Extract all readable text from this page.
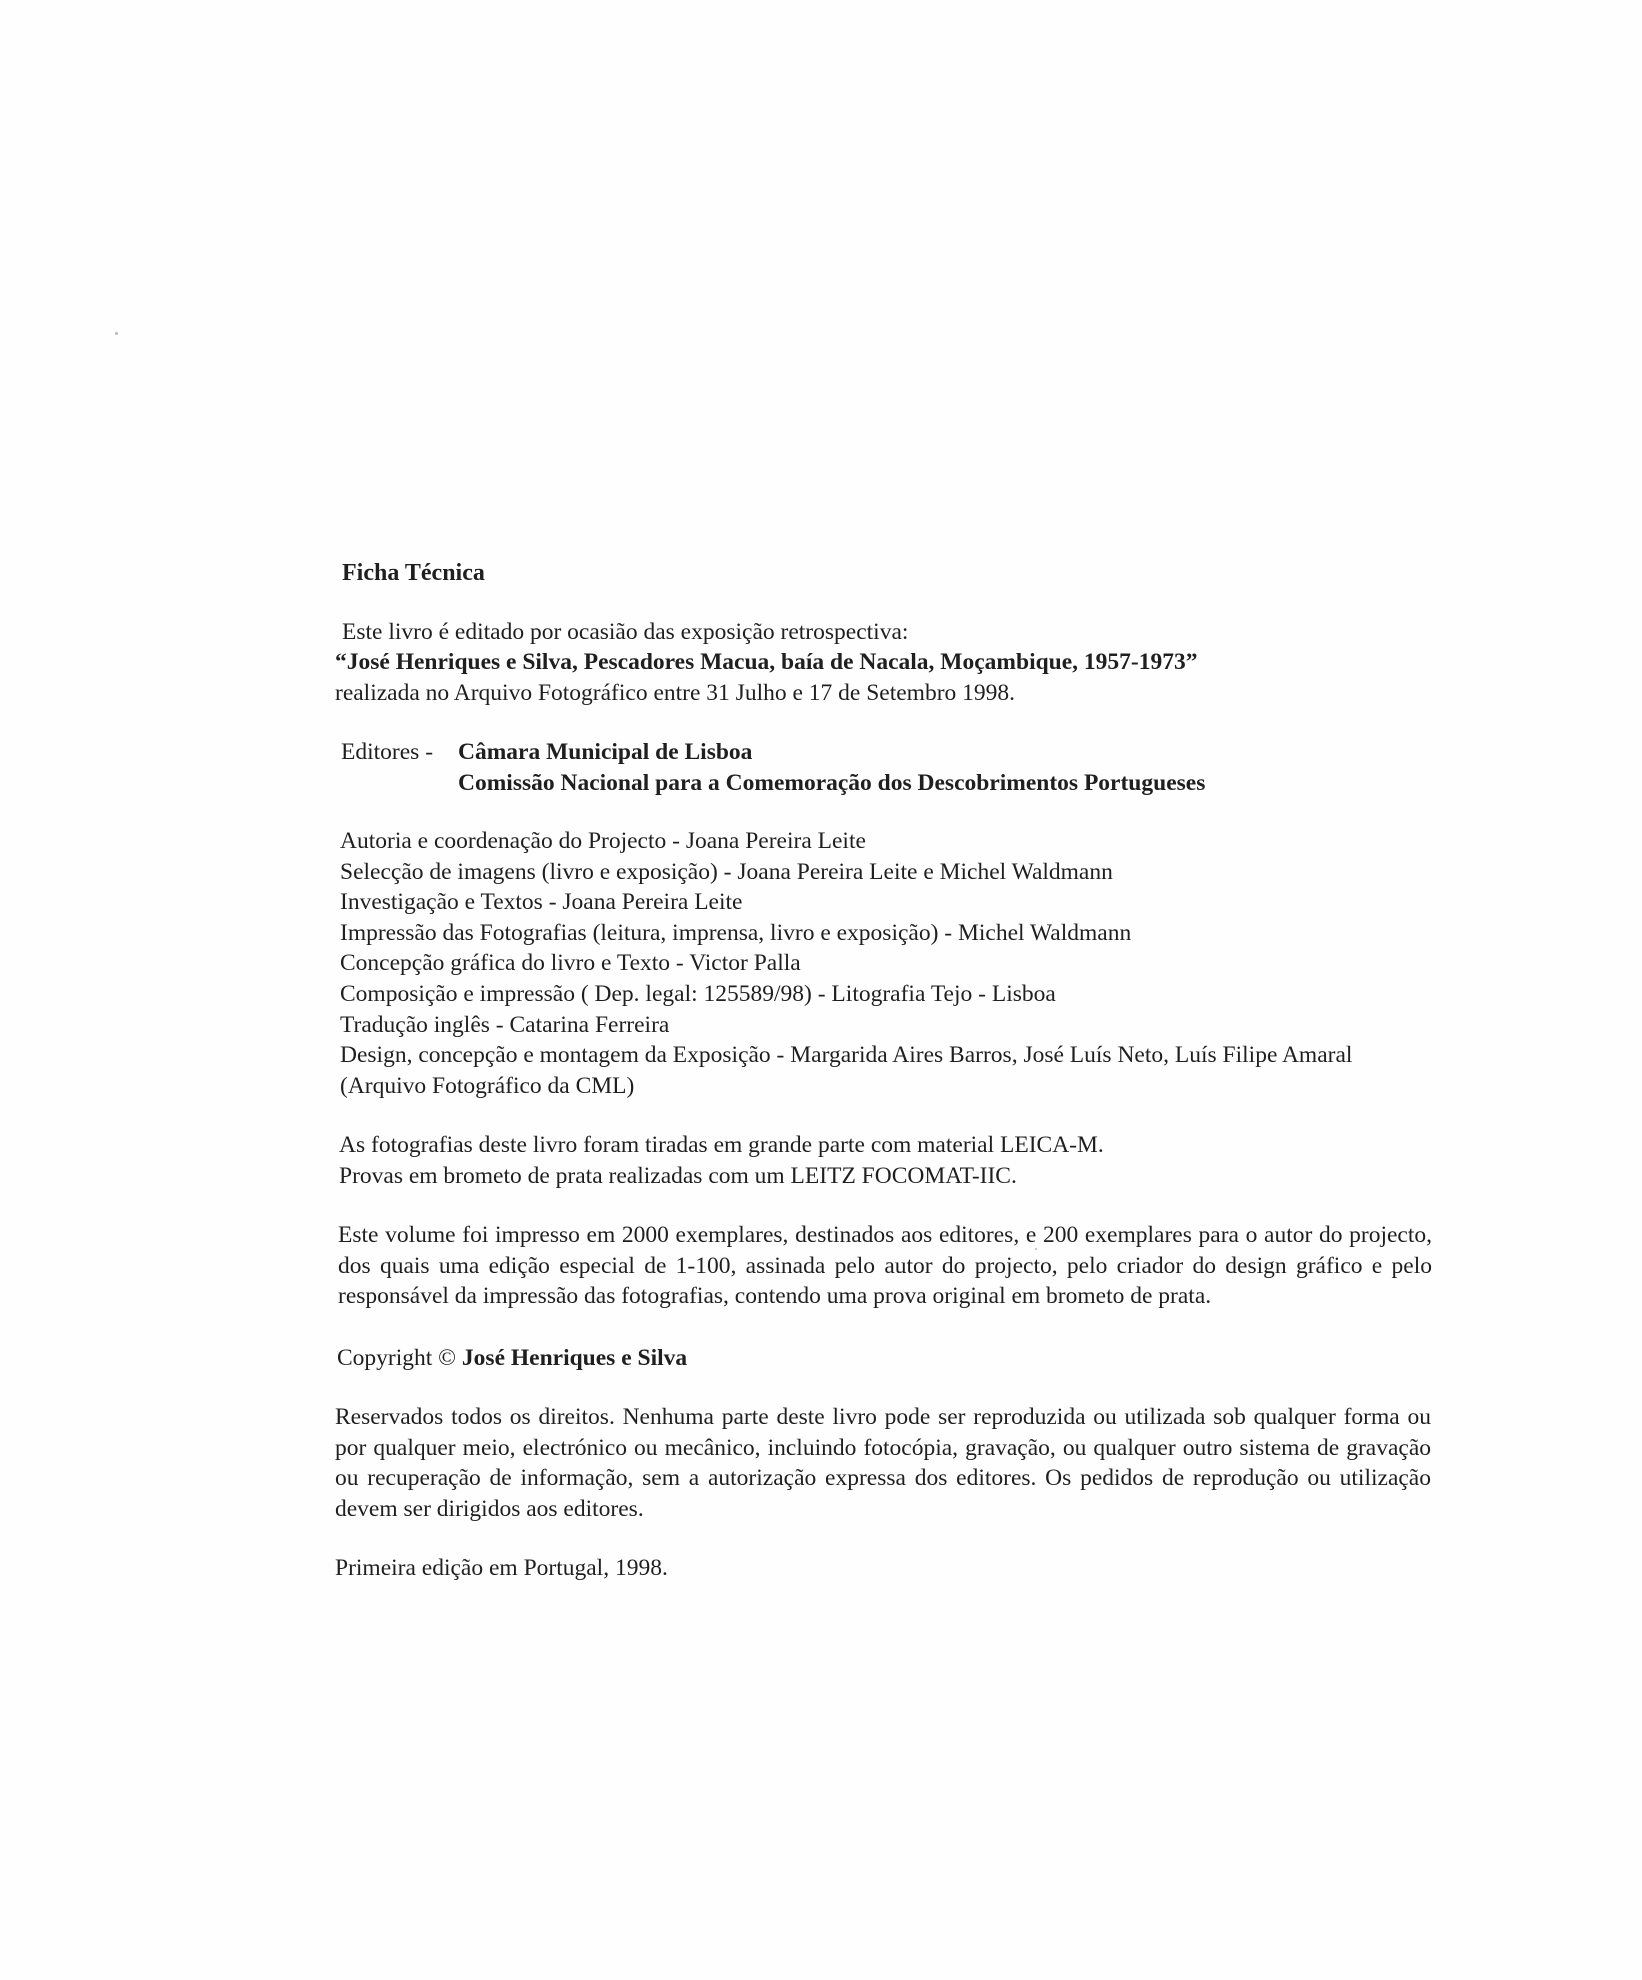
Ficha Técnica
Este livro é editado por ocasião das exposição retrospectiva:
“José Henriques e Silva, Pescadores Macua, baía de Nacala, Moçambique, 1957-1973”
realizada no Arquivo Fotográfico entre 31 Julho e 17 de Setembro 1998.
Editores -	Câmara Municipal de Lisboa
Comissão Nacional para a Comemoração dos Descobrimentos Portugueses
Autoria e coordenação do Projecto - Joana Pereira Leite
Selecção de imagens (livro e exposição) - Joana Pereira Leite e Michel Waldmann
Investigação e Textos - Joana Pereira Leite
Impressão das Fotografias (leitura, imprensa, livro e exposição) - Michel Waldmann
Concepção gráfica do livro e Texto - Victor Palla
Composição e impressão ( Dep. legal: 125589/98) - Litografia Tejo - Lisboa
Tradução inglês - Catarina Ferreira
Design, concepção e montagem da Exposição - Margarida Aires Barros, José Luís Neto, Luís Filipe Amaral
(Arquivo Fotográfico da CML)
As fotografias deste livro foram tiradas em grande parte com material LEICA-M.
Provas em brometo de prata realizadas com um LEITZ FOCOMAT-IIC.

Este volume foi impresso em 2000 exemplares, destinados aos editores, e 200 exemplares para o autor do projecto, dos quais uma edição especial de 1-100, assinada pelo autor do projecto, pelo criador do design gráfico e pelo responsável da impressão das fotografias, contendo uma prova original em brometo de prata.

Copyright © José Henriques e Silva

Reservados todos os direitos. Nenhuma parte deste livro pode ser reproduzida ou utilizada sob qualquer forma ou por qualquer meio, electrónico ou mecânico, incluindo fotocópia, gravação, ou qualquer outro sistema de gravação ou recuperação de informação, sem a autorização expressa dos editores. Os pedidos de reprodução ou utilização devem ser dirigidos aos editores.

Primeira edição em Portugal, 1998.
